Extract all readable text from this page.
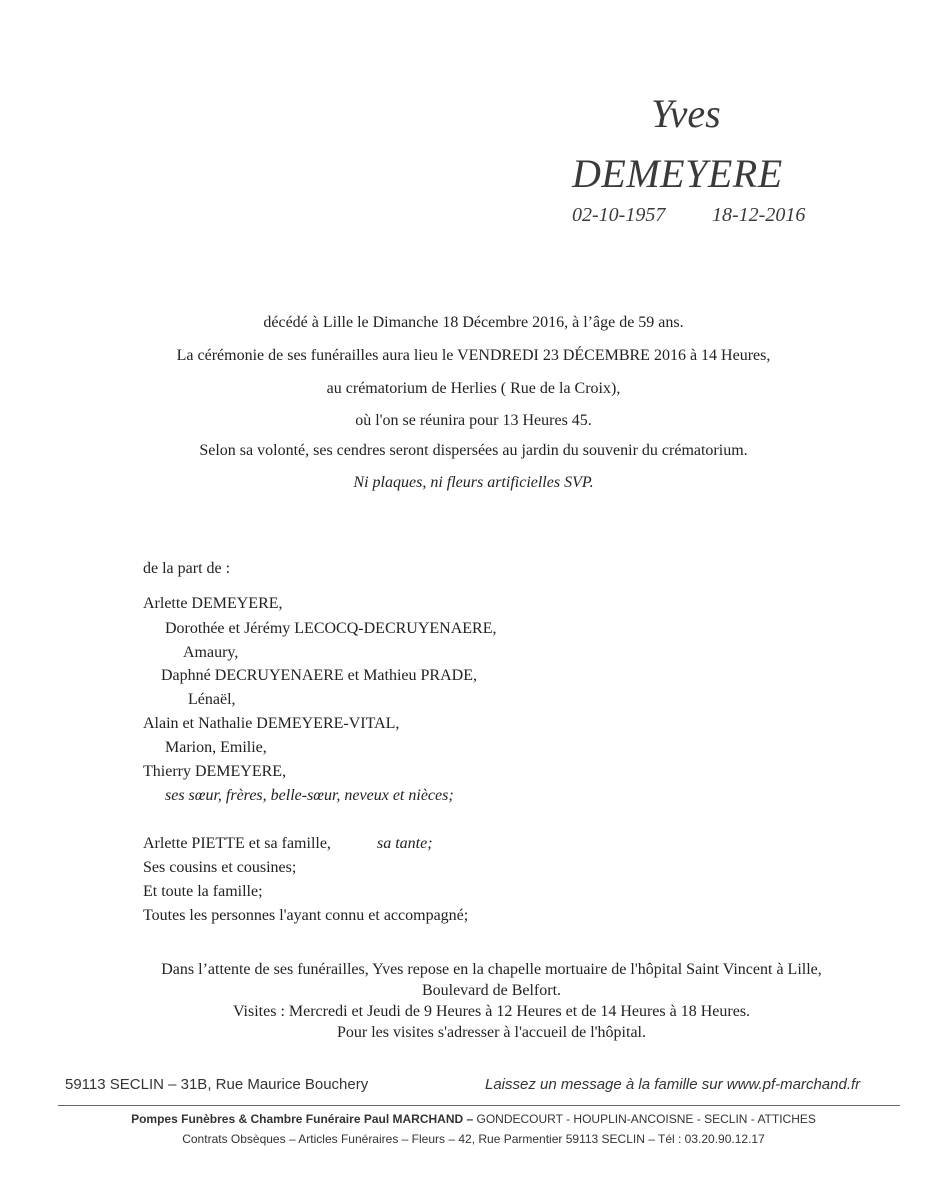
Yves
DEMEYERE
02-10-1957 18-12-2016
décédé à Lille le Dimanche 18 Décembre 2016, à l’âge de 59 ans.
La cérémonie de ses funérailles aura lieu le VENDREDI 23 DÉCEMBRE 2016 à 14 Heures,
au crématorium de Herlies ( Rue de la Croix),
où l'on se réunira pour 13 Heures 45.
Selon sa volonté, ses cendres seront dispersées au jardin du souvenir du crématorium.
Ni plaques, ni fleurs artificielles SVP.
de la part de :
Arlette DEMEYERE,
Dorothée et Jérémy LECOCQ-DECRUYENAERE,
Amaury,
Daphné DECRUYENAERE et Mathieu PRADE,
Lénaël,
Alain et Nathalie DEMEYERE-VITAL,
Marion, Emilie,
Thierry DEMEYERE,
ses sœur, frères, belle-sœur, neveux et nièces;
Arlette PIETTE et sa famille,	sa tante;
Ses cousins et cousines;
Et toute la famille;
Toutes les personnes l'ayant connu et accompagné;
Dans l’attente de ses funérailles, Yves repose en la chapelle mortuaire de l'hôpital Saint Vincent à Lille,
Boulevard de Belfort.
Visites : Mercredi et Jeudi de 9 Heures à 12 Heures et de 14 Heures à 18 Heures.
Pour les visites s'adresser à l'accueil de l'hôpital.
59113 SECLIN – 31B, Rue Maurice Bouchery	Laissez un message à la famille sur www.pf-marchand.fr
Pompes Funèbres & Chambre Funéraire Paul MARCHAND – GONDECOURT - HOUPLIN-ANCOISNE - SECLIN - ATTICHES
Contrats Obsèques – Articles Funéraires – Fleurs – 42, Rue Parmentier 59113 SECLIN – Tél : 03.20.90.12.17
